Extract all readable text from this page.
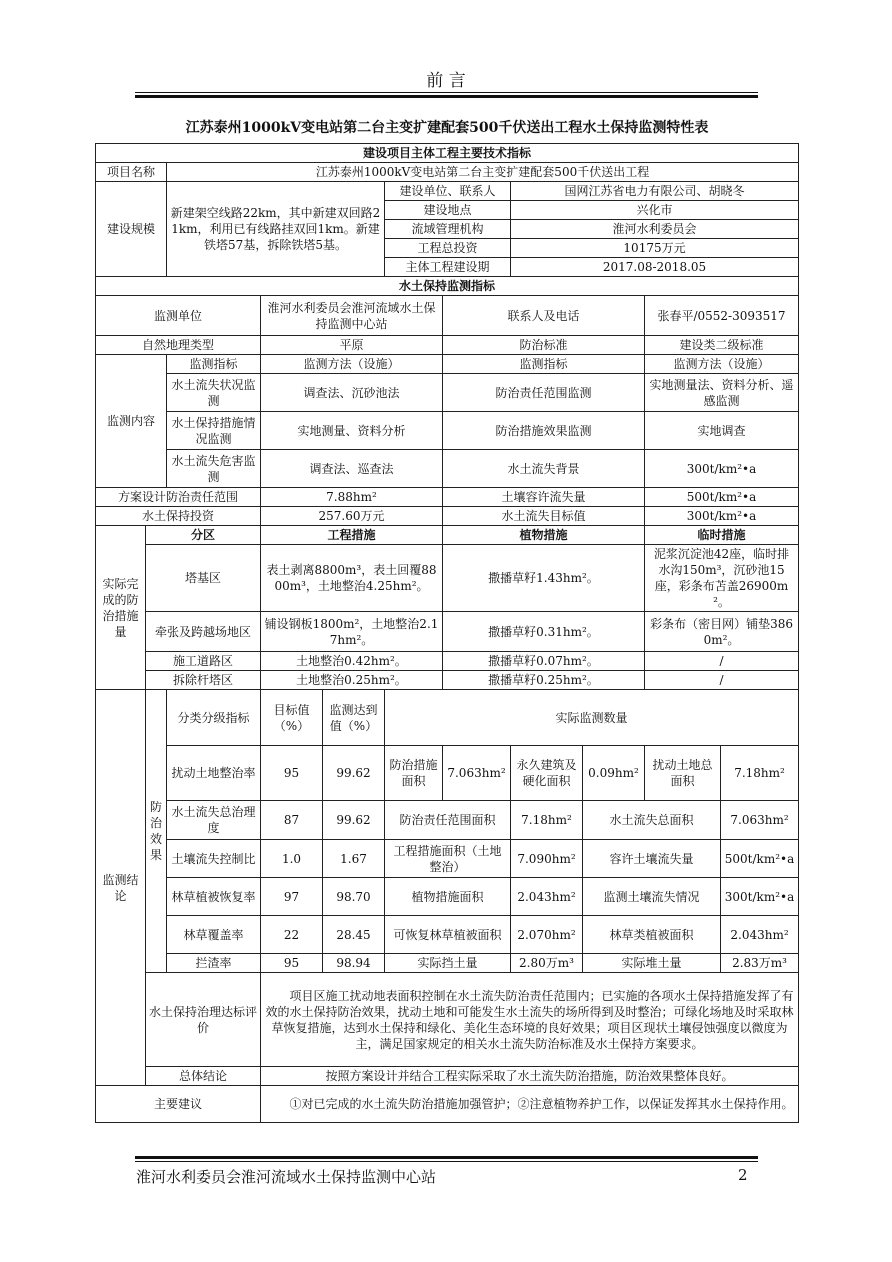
前 言
江苏泰州1000kV变电站第二台主变扩建配套500千伏送出工程水土保持监测特性表
建设项目主体工程主要技术指标										
项目名称		江苏泰州1000kV变电站第二台主变扩建配套500千伏送出工程								
建设规模		新建架空线路22km，其中新建双回路21km，利用已有线路挂双回1km。新建铁塔57基，拆除铁塔5基。			建设单位、联系人		国网江苏省电力有限公司、胡晓冬			
					建设地点		兴化市			
					流域管理机构		淮河水利委员会			
					工程总投资		10175万元			
					主体工程建设期		2017.08-2018.05			
水土保持监测指标										
监测单位			淮河水利委员会淮河流域水土保持监测中心站			联系人及电话			张春平/0552-3093517	
自然地理类型			平原			防治标准			建设类二级标准	
监测内容		监测指标	监测方法（设施）			监测指标			监测方法（设施）	
		水土流失状况监测	调查法、沉砂池法			防治责任范围监测			实地测量法、资料分析、遥感监测	
		水土保持措施情况监测	实地测量、资料分析			防治措施效果监测			实地调查	
		水土流失危害监测	调查法、巡查法			水土流失背景			300t/km²•a	
方案设计防治责任范围			7.88hm²			土壤容许流失量			500t/km²•a	
水土保持投资			257.60万元			水土流失目标值			300t/km²•a	
实际完成的防治措施量	分区		工程措施			植物措施			临时措施	
	塔基区		表土剥离8800m³，表土回覆8800m³，土地整治4.25hm²。			撒播草籽1.43hm²。			泥浆沉淀池42座，临时排水沟150m³，沉砂池15座，彩条布苫盖26900m²。	
	牵张及跨越场地区		铺设钢板1800m²，土地整治2.17hm²。			撒播草籽0.31hm²。			彩条布（密目网）铺垫3860m²。	
	施工道路区		土地整治0.42hm²。			撒播草籽0.07hm²。			/	
	拆除杆塔区		土地整治0.25hm²。			撒播草籽0.25hm²。			/	
监测结论	防治效果	分类分级指标	目标值（%）	监测达到值（%）	实际监测数量					
		扰动土地整治率	95	99.62	防治措施面积	7.063hm²	永久建筑及硬化面积	0.09hm²	扰动土地总面积	7.18hm²
		水土流失总治理度	87	99.62	防治责任范围面积		7.18hm²	水土流失总面积		7.063hm²
		土壤流失控制比	1.0	1.67	工程措施面积（土地整治）		7.090hm²	容许土壤流失量		500t/km²•a
		林草植被恢复率	97	98.70	植物措施面积		2.043hm²	监测土壤流失情况		300t/km²•a
		林草覆盖率	22	28.45	可恢复林草植被面积		2.070hm²	林草类植被面积		2.043hm²
		拦渣率	95	98.94	实际挡土量		2.80万m³	实际堆土量		2.83万m³
	水土保持治理达标评价		项目区施工扰动地表面积控制在水土流失防治责任范围内；已实施的各项水土保持措施发挥了有效的水土保持防治效果，扰动土地和可能发生水土流失的场所得到及时整治；可绿化场地及时采取林草恢复措施，达到水土保持和绿化、美化生态环境的良好效果；项目区现状土壤侵蚀强度以微度为主，满足国家规定的相关水土流失防治标准及水土保持方案要求。							
	总体结论		按照方案设计并结合工程实际采取了水土流失防治措施，防治效果整体良好。							
主要建议			①对已完成的水土流失防治措施加强管护；②注意植物养护工作，以保证发挥其水土保持作用。							
淮河水利委员会淮河流域水土保持监测中心站	2
